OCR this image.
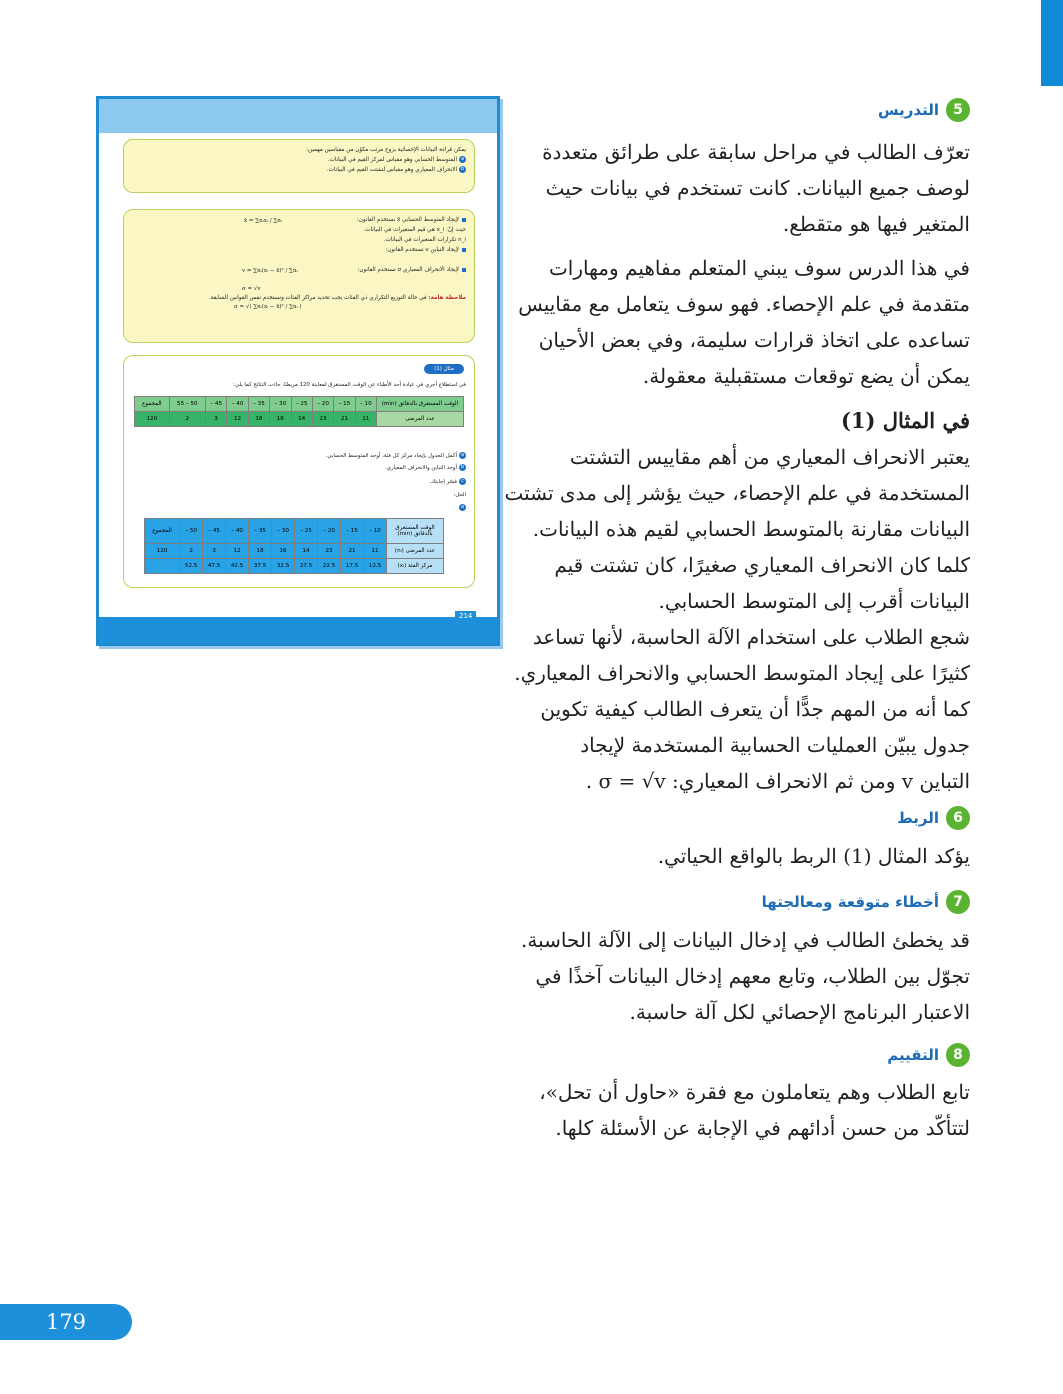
يمكن قراءة البيانات الإحصائية بزوج مرتب مكوّن من مقياسين مهمين:
aالمتوسط الحسابي وهو مقياس لمركز القيم في البيانات.
bالانحراف المعياري وهو مقياس لتشتت القيم في البيانات.
لإيجاد المتوسط الحسابي x̄ نستخدم القانون:
حيث إنّ: x_i هي قيم المتغيرات في البيانات.
n_i تكرارات المتغيرات في البيانات.
لإيجاد التباين v نستخدم القانون:
لإيجاد الانحراف المعياري σ نستخدم القانون:
ملاحظة هامة: في حالة التوزيع التكراري ذي الفئات يجب تحديد مراكز الفئات ونستخدم نفس القوانين السابقة.
x̄ = ∑nᵢxᵢ / ∑nᵢ
v = ∑nᵢ(xᵢ − x̄)² / ∑nᵢ
σ = √v
σ = √( ∑nᵢ(xᵢ − x̄)² / ∑nᵢ )
مثال (1)
في استطلاع أجري في عيادة أحد الأطباء عن الوقت المستغرق لمعاينة 120 مريضًا، جاءت النتائج كما يلي:
الوقت المستغرق بالدقائق (min)	10 –	15 –	20 –	25 –	30 –	35 –	40 –	45 –	50 – 55	المجموع
عدد المرضى	11	21	23	14	16	18	12	3	2	120
aأكمل الجدول بإيجاد مركز كل فئة، أوجد المتوسط الحسابي.
bأوجد التباين والانحراف المعياري.
cفسّر إجابتك.
الحل:
a
الوقت المستغرق بالدقائق (min)	10 –	15 –	20 –	25 –	30 –	35 –	40 –	45 –	50 –	المجموع
عدد المرضى (nᵢ)	11	21	23	14	16	18	12	3	2	120
مركز الفئة (xᵢ)	12.5	17.5	22.5	27.5	32.5	37.5	42.5	47.5	52.5	
214
5
التدريس
تعرّف الطالب في مراحل سابقة على طرائق متعددة
لوصف جميع البيانات. كانت تستخدم في بيانات حيث
المتغير فيها هو متقطع.
في هذا الدرس سوف يبني المتعلم مفاهيم ومهارات
متقدمة في علم الإحصاء. فهو سوف يتعامل مع مقاييس
تساعده على اتخاذ قرارات سليمة، وفي بعض الأحيان
يمكن أن يضع توقعات مستقبلية معقولة.
في المثال (1)
يعتبر الانحراف المعياري من أهم مقاييس التشتت
المستخدمة في علم الإحصاء، حيث يؤشر إلى مدى تشتت
البيانات مقارنة بالمتوسط الحسابي لقيم هذه البيانات.
كلما كان الانحراف المعياري صغيرًا، كان تشتت قيم
البيانات أقرب إلى المتوسط الحسابي.
شجع الطلاب على استخدام الآلة الحاسبة، لأنها تساعد
كثيرًا على إيجاد المتوسط الحسابي والانحراف المعياري.
كما أنه من المهم جدًّا أن يتعرف الطالب كيفية تكوين
جدول يبيّن العمليات الحسابية المستخدمة لإيجاد
التباين v ومن ثم الانحراف المعياري: σ = √v .
6
الربط
يؤكد المثال (1) الربط بالواقع الحياتي.
7
أخطاء متوقعة ومعالجتها
قد يخطئ الطالب في إدخال البيانات إلى الآلة الحاسبة.
تجوّل بين الطلاب، وتابع معهم إدخال البيانات آخذًا في
الاعتبار البرنامج الإحصائي لكل آلة حاسبة.
8
التقييم
تابع الطلاب وهم يتعاملون مع فقرة «حاول أن تحل»،
لتتأكّد من حسن أدائهم في الإجابة عن الأسئلة كلها.
179
